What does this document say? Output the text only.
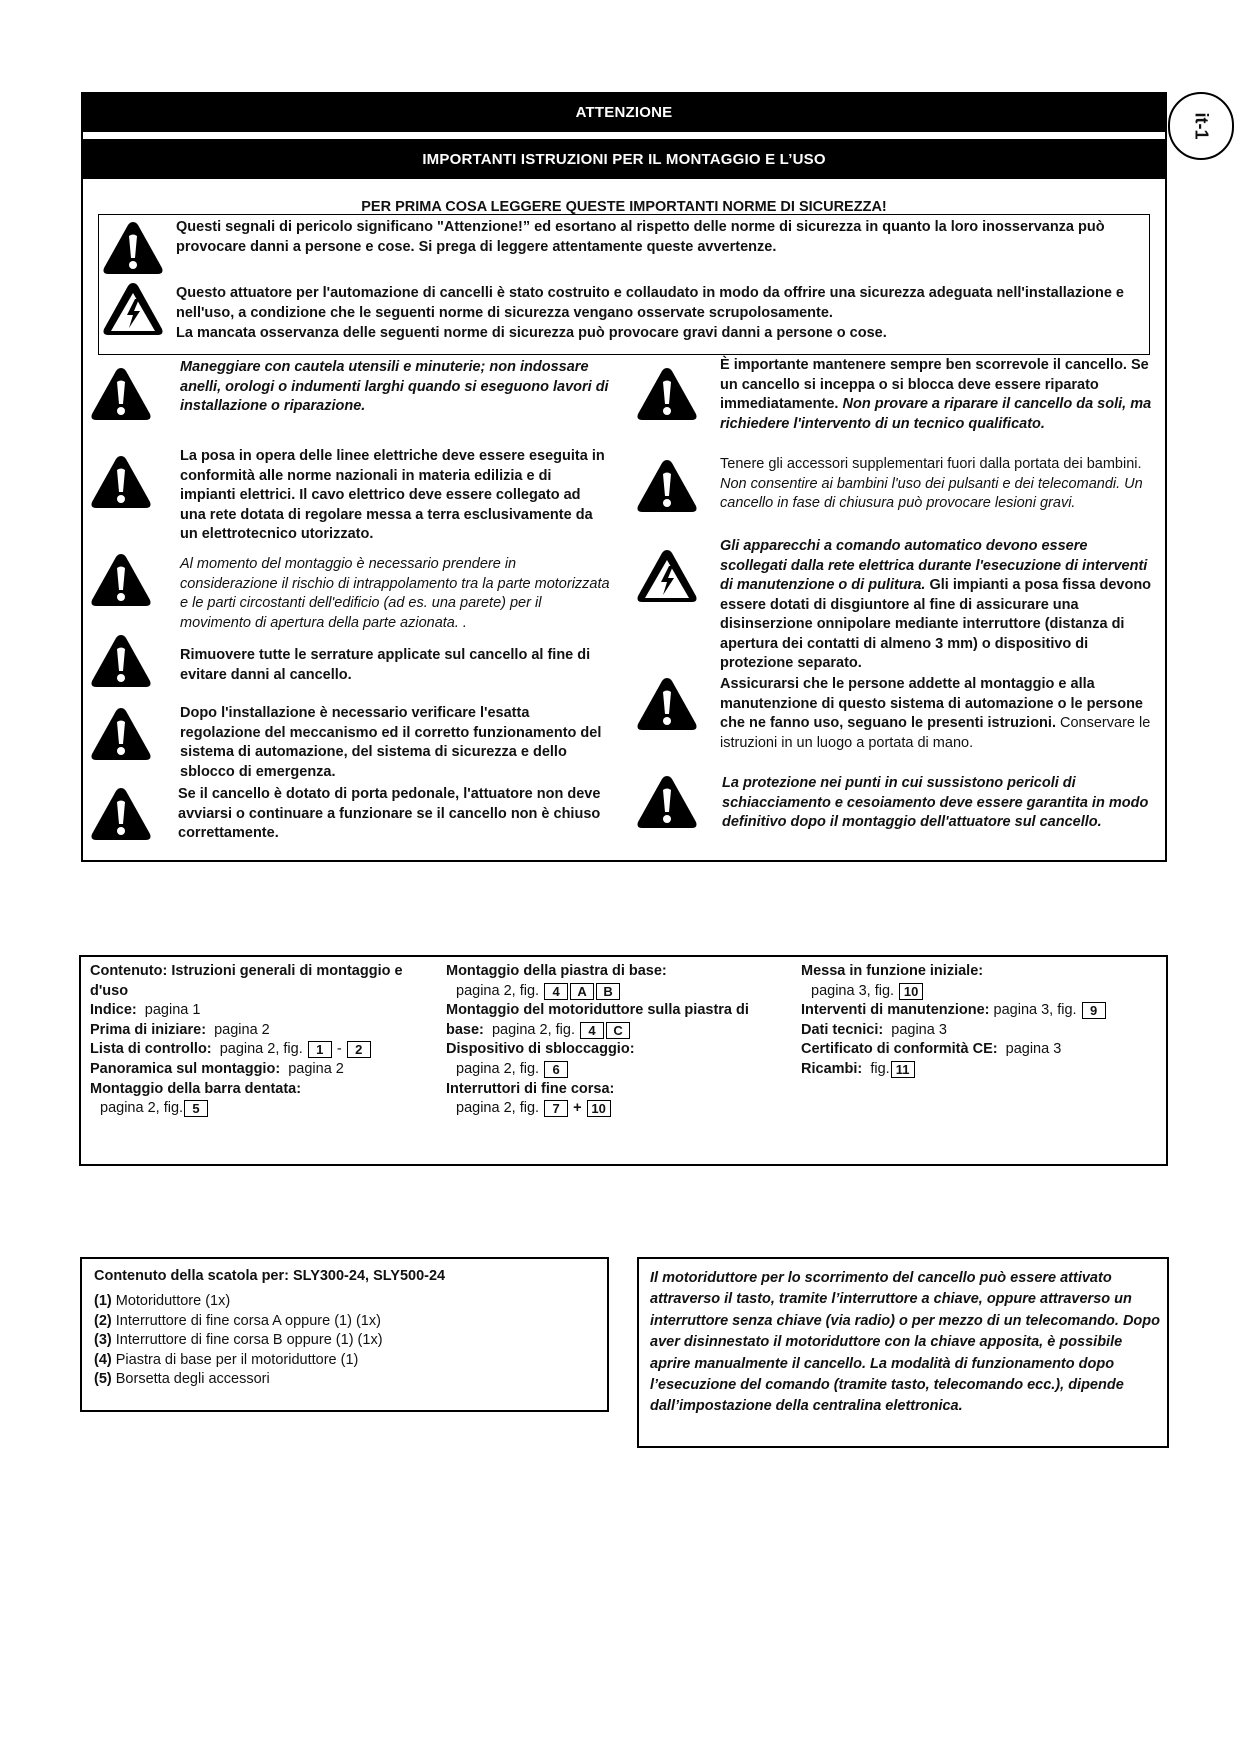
it-1
ATTENZIONE
IMPORTANTI ISTRUZIONI PER IL MONTAGGIO E L’USO
PER PRIMA COSA LEGGERE QUESTE IMPORTANTI NORME DI SICUREZZA!
Questi segnali di pericolo significano "Attenzione!” ed esortano al rispetto delle norme di sicurezza in quanto la loro inosservanza può provocare danni a persone e cose. Si prega di leggere attentamente queste avvertenze.
Questo attuatore per l'automazione di cancelli è stato costruito e collaudato in modo da offrire una sicurezza adeguata nell'installazione e nell'uso, a condizione che le seguenti norme di sicurezza vengano osservate scrupolosamente.
La mancata osservanza delle seguenti norme di sicurezza può provocare gravi danni a persone o cose.
Maneggiare con cautela utensili e minuterie; non indossare anelli, orologi o indumenti larghi quando si eseguono lavori di installazione o riparazione.
La posa in opera delle linee elettriche deve essere eseguita in conformità alle norme nazionali in materia edilizia e di impianti elettrici. Il cavo elettrico deve essere collegato ad una rete dotata di regolare messa a terra esclusivamente da un elettrotecnico utorizzato.
Al momento del montaggio è necessario prendere in considerazione il rischio di intrappolamento tra la parte motorizzata e le parti circostanti dell'edificio (ad es. una parete) per il movimento di apertura della parte azionata. .
Rimuovere tutte le serrature applicate sul cancello al fine di evitare danni al cancello.
Dopo l'installazione è necessario verificare l'esatta regolazione del meccanismo ed il corretto funzionamento del sistema di automazione, del sistema di sicurezza e dello sblocco di emergenza.
Se il cancello è dotato di porta pedonale, l'attuatore non deve avviarsi o continuare a funzionare se il cancello non è chiuso correttamente.
È importante mantenere sempre ben scorrevole il cancello. Se un cancello si inceppa o si blocca deve essere riparato immediatamente. Non provare a riparare il cancello da soli, ma richiedere l'intervento di un tecnico qualificato.
Tenere gli accessori supplementari fuori dalla portata dei bambini. Non consentire ai bambini l'uso dei pulsanti e dei telecomandi. Un cancello in fase di chiusura può provocare lesioni gravi.
Gli apparecchi a comando automatico devono essere scollegati dalla rete elettrica durante l'esecuzione di interventi di manutenzione o di pulitura. Gli impianti a posa fissa devono essere dotati di disgiuntore al fine di assicurare una disinserzione onnipolare mediante interruttore (distanza di apertura dei contatti di almeno 3 mm) o dispositivo di protezione separato.
Assicurarsi che le persone addette al montaggio e alla manutenzione di questo sistema di automazione o le persone che ne fanno uso, seguano le presenti istruzioni. Conservare le istruzioni in un luogo a portata di mano.
La protezione nei punti in cui sussistono pericoli di schiacciamento e cesoiamento deve essere garantita in modo definitivo dopo il montaggio dell'attuatore sul cancello.
Contenuto: Istruzioni generali di montaggio e d'uso
Indice: pagina 1
Prima di iniziare: pagina 2
Lista di controllo: pagina 2, fig. 1 - 2
Panoramica sul montaggio: pagina 2
Montaggio della barra dentata:
pagina 2, fig. 5
Montaggio della piastra di base:
pagina 2, fig. 4 A B
Montaggio del motoriduttore sulla piastra di base: pagina 2, fig. 4 C
Dispositivo di sbloccaggio:
pagina 2, fig. 6
Interruttori di fine corsa:
pagina 2, fig. 7 + 10
Messa in funzione iniziale:
pagina 3, fig. 10
Interventi di manutenzione: pagina 3, fig. 9
Dati tecnici: pagina 3
Certificato di conformità CE: pagina 3
Ricambi: fig. 11
Contenuto della scatola per: SLY300-24, SLY500-24
(1) Motoriduttore (1x)
(2) Interruttore di fine corsa A oppure (1) (1x)
(3) Interruttore di fine corsa B oppure (1) (1x)
(4) Piastra di base per il motoriduttore (1)
(5) Borsetta degli accessori
Il motoriduttore per lo scorrimento del cancello può essere attivato attraverso il tasto, tramite l’interruttore a chiave, oppure attraverso un interruttore senza chiave (via radio) o per mezzo di un telecomando. Dopo aver disinnestato il motoriduttore con la chiave apposita, è possibile aprire manualmente il cancello. La modalità di funzionamento dopo l’esecuzione del comando (tramite tasto, telecomando ecc.), dipende dall’impostazione della centralina elettronica.
